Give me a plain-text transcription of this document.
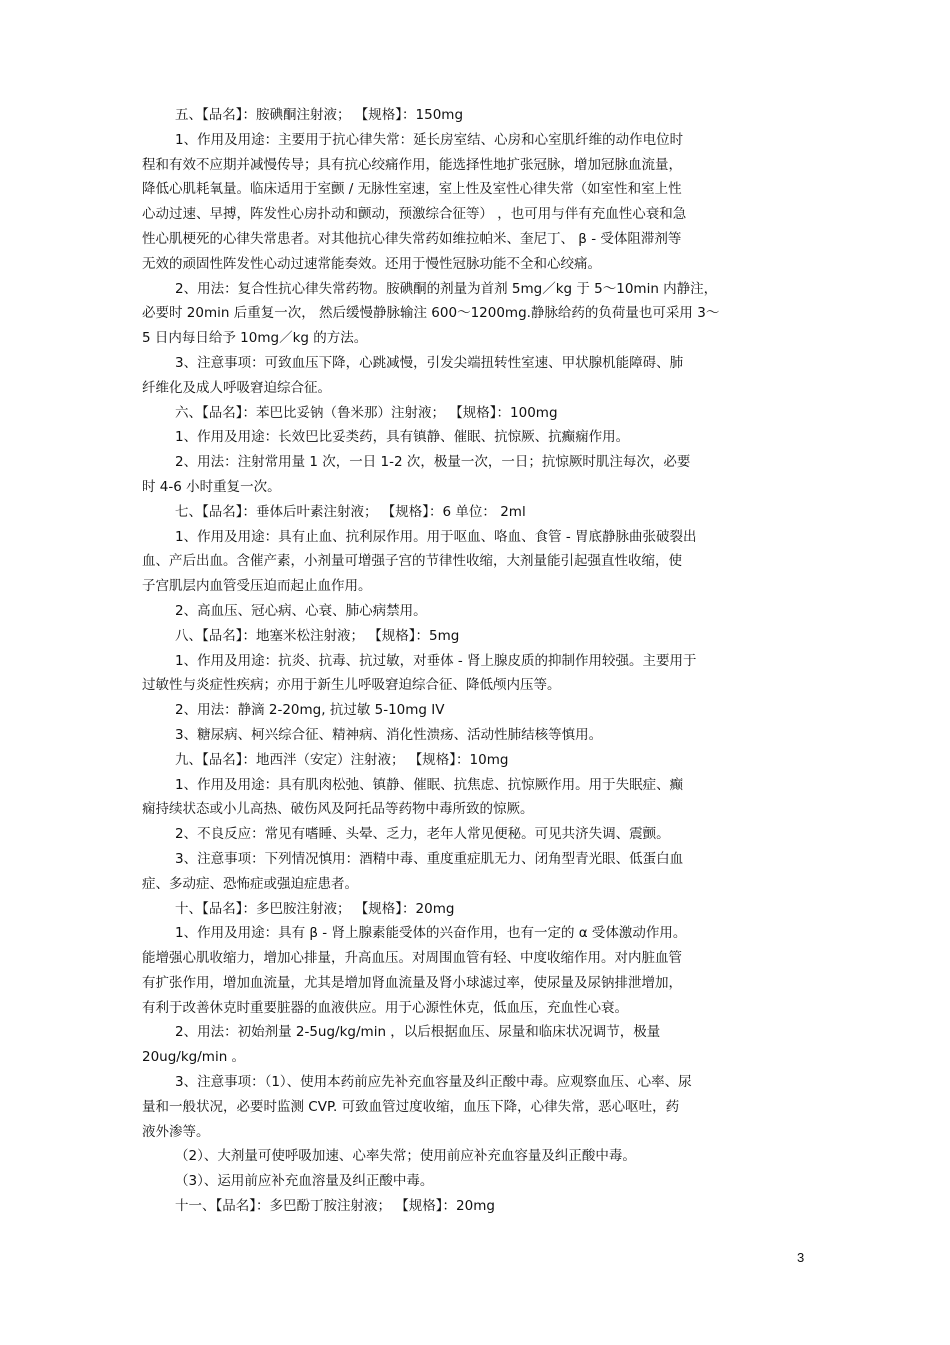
五、【品名】：胺碘酮注射液； 【规格】：150mg
1、作用及用途：主要用于抗心律失常：延长房室结、心房和心室肌纤维的动作电位时
程和有效不应期并减慢传导；具有抗心绞痛作用，能选择性地扩张冠脉，增加冠脉血流量，
降低心肌耗氧量。临床适用于室颤 / 无脉性室速，室上性及室性心律失常（如室性和室上性
心动过速、早搏，阵发性心房扑动和颤动，预激综合征等） ，也可用与伴有充血性心衰和急
性心肌梗死的心律失常患者。对其他抗心律失常药如维拉帕米、奎尼丁、 β - 受体阻滞剂等
无效的顽固性阵发性心动过速常能奏效。还用于慢性冠脉功能不全和心绞痛。
2、用法：复合性抗心律失常药物。胺碘酮的剂量为首剂 5mg／kg 于 5～10min 内静注，
必要时 20min 后重复一次， 然后缓慢静脉输注 600～1200mg.静脉给药的负荷量也可采用 3～
5 日内每日给予 10mg／kg 的方法。
3、注意事项：可致血压下降，心跳减慢，引发尖端扭转性室速、甲状腺机能障碍、肺
纤维化及成人呼吸窘迫综合征。
六、【品名】：苯巴比妥钠（鲁米那）注射液； 【规格】：100mg
1、作用及用途：长效巴比妥类药，具有镇静、催眠、抗惊厥、抗癫痫作用。
2、用法：注射常用量 1 次，一日 1-2 次，极量一次，一日；抗惊厥时肌注每次，必要
时 4-6 小时重复一次。
七、【品名】：垂体后叶素注射液； 【规格】：6 单位： 2ml
1、作用及用途：具有止血、抗利尿作用。用于呕血、咯血、食管 - 胃底静脉曲张破裂出
血、产后出血。含催产素，小剂量可增强子宫的节律性收缩，大剂量能引起强直性收缩，使
子宫肌层内血管受压迫而起止血作用。
2、高血压、冠心病、心衰、肺心病禁用。
八、【品名】：地塞米松注射液； 【规格】：5mg
1、作用及用途：抗炎、抗毒、抗过敏，对垂体 - 肾上腺皮质的抑制作用较强。主要用于
过敏性与炎症性疾病；亦用于新生儿呼吸窘迫综合征、降低颅内压等。
2、用法：静滴 2-20mg, 抗过敏 5-10mg IV
3、糖尿病、柯兴综合征、精神病、消化性溃疡、活动性肺结核等慎用。
九、【品名】：地西泮（安定）注射液； 【规格】：10mg
1、作用及用途：具有肌肉松弛、镇静、催眠、抗焦虑、抗惊厥作用。用于失眠症、癫
痫持续状态或小儿高热、破伤风及阿托品等药物中毒所致的惊厥。
2、不良反应：常见有嗜睡、头晕、乏力，老年人常见便秘。可见共济失调、震颤。
3、注意事项：下列情况慎用：酒精中毒、重度重症肌无力、闭角型青光眼、低蛋白血
症、多动症、恐怖症或强迫症患者。
十、【品名】：多巴胺注射液； 【规格】：20mg
1、作用及用途：具有 β - 肾上腺素能受体的兴奋作用，也有一定的 α 受体激动作用。
能增强心肌收缩力，增加心排量，升高血压。对周围血管有轻、中度收缩作用。对内脏血管
有扩张作用，增加血流量，尤其是增加肾血流量及肾小球滤过率，使尿量及尿钠排泄增加，
有利于改善休克时重要脏器的血液供应。用于心源性休克，低血压，充血性心衰。
2、用法：初始剂量 2-5ug/kg/min ，以后根据血压、尿量和临床状况调节，极量
20ug/kg/min 。
3、注意事项：（1）、使用本药前应先补充血容量及纠正酸中毒。应观察血压、心率、尿
量和一般状况，必要时监测 CVP. 可致血管过度收缩，血压下降，心律失常，恶心呕吐，药
液外渗等。
（2）、大剂量可使呼吸加速、心率失常；使用前应补充血容量及纠正酸中毒。
（3）、运用前应补充血溶量及纠正酸中毒。
十一、【品名】：多巴酚丁胺注射液； 【规格】：20mg
3
